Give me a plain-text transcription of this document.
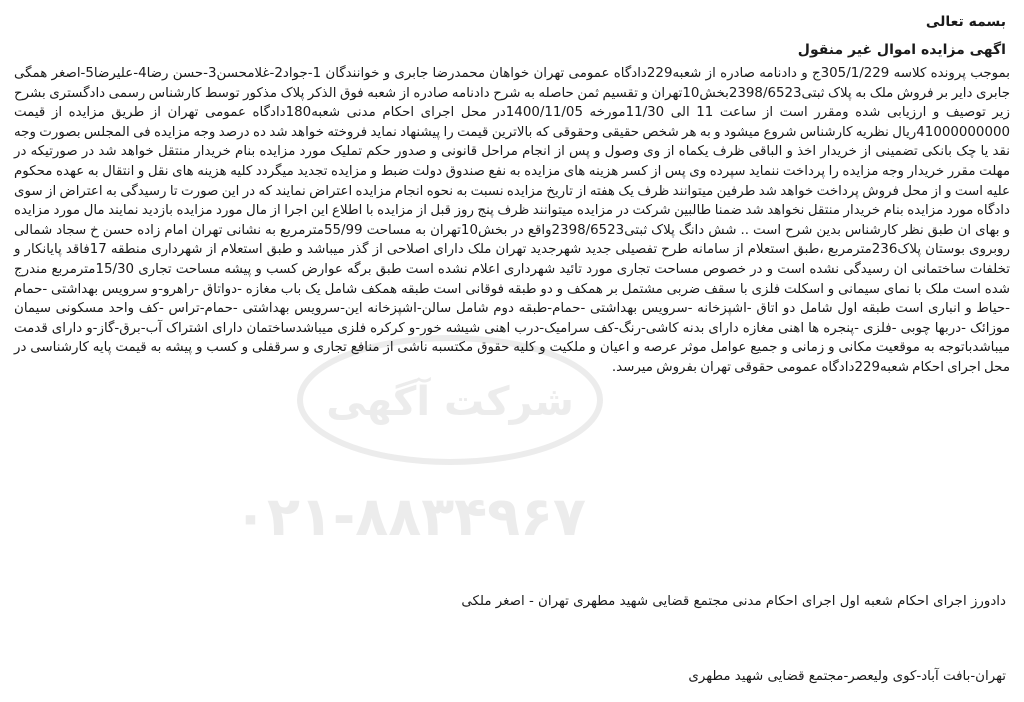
شرکت آگهی
۰۲۱-۸۸۳۴۹۶۷
بسمه تعالی
اگهی مزایده اموال غیر منقول
بموجب پرونده کلاسه 305/1/229ج و دادنامه صادره از شعبه229دادگاه عمومی تهران خواهان محمدرضا جابری و خوانندگان 1-جواد2-غلامحسن3-حسن رضا4-علیرضا5-اصغر همگی جابری دایر بر فروش ملک به پلاک ثبتی2398/6523بخش10تهران و تقسیم ثمن حاصله به شرح دادنامه صادره از شعبه فوق الذکر پلاک مذکور توسط کارشناس رسمی دادگستری بشرح زیر توصیف و ارزیابی شده ومقرر است از ساعت 11 الی 11/30مورخه 1400/11/05در محل اجرای احکام مدنی شعبه180دادگاه عمومی تهران از طریق مزایده از قیمت 41000000000ریال نظریه کارشناس شروع میشود و به هر شخص حقیقی وحقوقی که بالاترین قیمت را پیشنهاد نماید فروخته خواهد شد ده درصد وجه مزایده فی المجلس بصورت وجه نقد یا چک بانکی تضمینی از خریدار اخذ و الباقی ظرف یکماه از وی وصول و پس از انجام مراحل قانونی و صدور حکم تملیک مورد مزایده بنام خریدار منتقل خواهد شد در صورتیکه در مهلت مقرر خریدار وجه مزایده را پرداخت ننماید سپرده وی پس از کسر هزینه های مزایده به نفع صندوق دولت ضبط و مزایده تجدید میگردد کلیه هزینه های نقل و انتقال به عهده محکوم علیه است و از محل فروش پرداخت خواهد شد طرفین میتوانند ظرف یک هفته از تاریخ مزایده نسبت به نحوه انجام مزایده اعتراض نمایند که در این صورت تا رسیدگی به اعتراض از سوی دادگاه مورد مزایده بنام خریدار منتقل نخواهد شد ضمنا طالبین شرکت در مزایده میتوانند ظرف پنج روز قبل از مزایده با اطلاع این اجرا از مال مورد مزایده بازدید نمایند مال مورد مزایده و بهای ان طبق نظر کارشناس بدین شرح است .. شش دانگ پلاک ثبتی2398/6523واقع در بخش10تهران به مساحت 55/99مترمربع به نشانی تهران امام زاده حسن خ سجاد شمالی روبروی بوستان پلاک236مترمربع ،طبق استعلام از سامانه طرح تفصیلی جدید شهرجدید تهران ملک دارای اصلاحی از گذر میباشد و طبق استعلام از شهرداری منطقه 17فاقد پایانکار و تخلفات ساختمانی ان رسیدگی نشده است و در خصوص مساحت تجاری مورد تائید شهرداری اعلام نشده است طبق برگه عوارض کسب و پیشه مساحت تجاری 15/30مترمربع مندرج شده است ملک با نمای سیمانی و اسکلت فلزی با سقف ضربی مشتمل بر همکف و دو طبقه فوقانی است طبقه همکف شامل یک باب مغازه -دواتاق -راهرو-و سرویس بهداشتی -حمام -حیاط و انباری است طبقه اول شامل دو اتاق -اشپزخانه -سرویس بهداشتی -حمام-طبقه دوم شامل سالن-اشپزخانه این-سرویس بهداشتی -حمام-تراس -کف واحد مسکونی سیمان موزائک -دربها چوبی -فلزی -پنجره ها اهنی مغازه دارای بدنه کاشی-رنگ-کف سرامیک-درب اهنی شیشه خور-و کرکره فلزی میباشدساختمان دارای اشتراک آب-برق-گاز-و دارای قدمت میباشدباتوجه به موقعیت مکانی و زمانی و جمیع عوامل موثر عرصه و اعیان و ملکیت و کلیه حقوق مکتسبه ناشی از منافع تجاری و سرقفلی و کسب و پیشه به قیمت پایه کارشناسی در محل اجرای احکام شعبه229دادگاه عمومی حقوقی تهران بفروش میرسد.
دادورز اجرای احکام شعبه اول اجرای احکام مدنی مجتمع قضایی شهید مطهری تهران - اصغر ملکی
تهران-بافت آباد-کوی ولیعصر-مجتمع قضایی شهید مطهری
